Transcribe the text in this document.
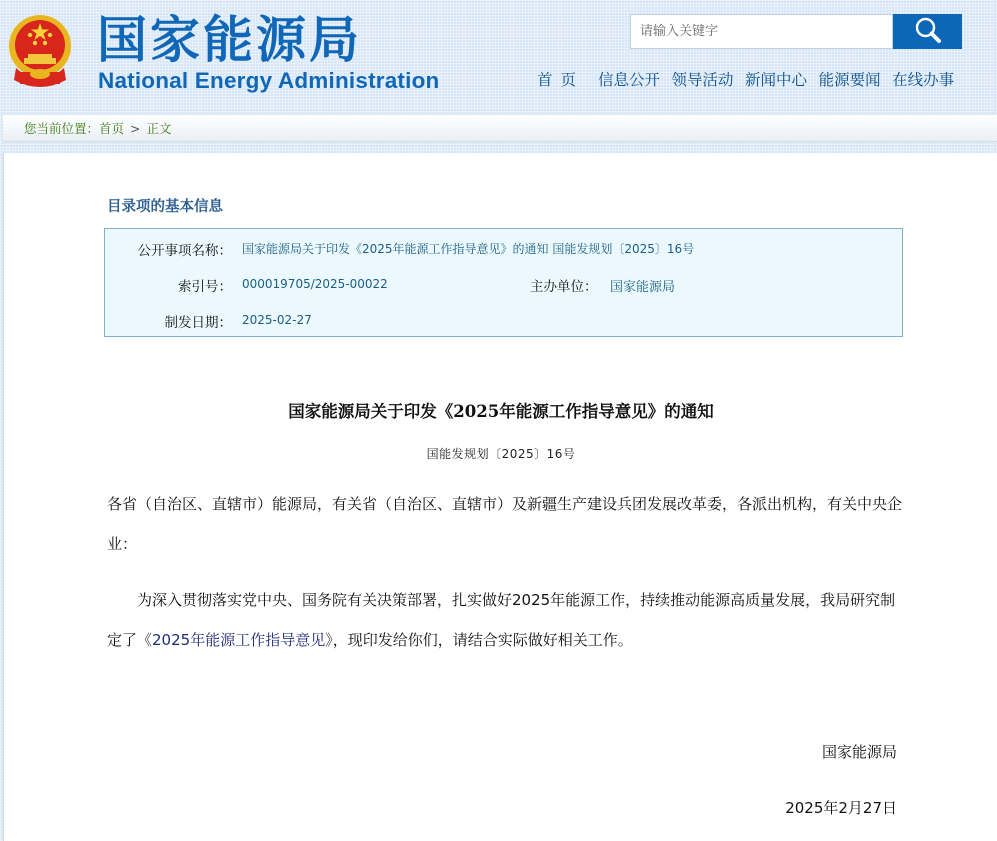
国家能源局
National Energy Administration
请输入关键字	首页 信息公开 领导活动 新闻中心 能源要闻 在线办事
您当前位置：首页 > 正文
目录项的基本信息
公开事项名称： 国家能源局关于印发《2025年能源工作指导意见》的通知 国能发规划〔2025〕16号
索引号： 000019705/2025-00022	主办单位： 国家能源局
制发日期： 2025-02-27
国家能源局关于印发《2025年能源工作指导意见》的通知
国能发规划〔2025〕16号

各省（自治区、直辖市）能源局，有关省（自治区、直辖市）及新疆生产建设兵团发展改革委，各派出机构，有关中央企业：

　　为深入贯彻落实党中央、国务院有关决策部署，扎实做好2025年能源工作，持续推动能源高质量发展，我局研究制定了《2025年能源工作指导意见》，现印发给你们，请结合实际做好相关工作。

国家能源局
2025年2月27日
